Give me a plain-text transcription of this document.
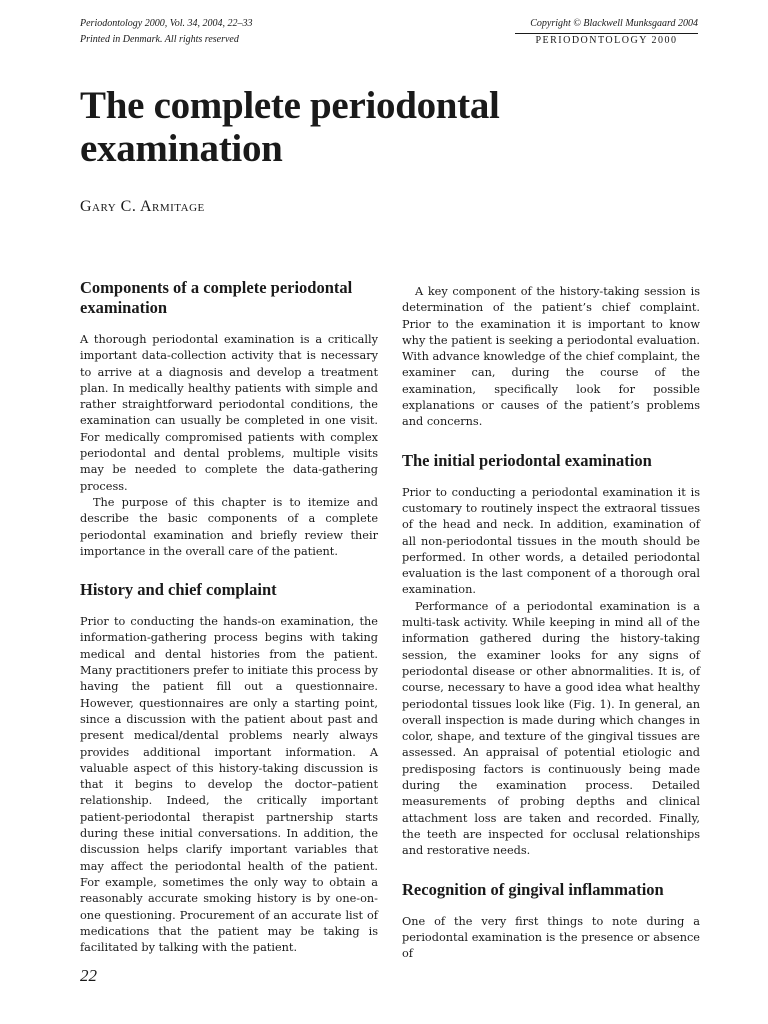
Periodontology 2000, Vol. 34, 2004, 22–33
Printed in Denmark. All rights reserved
Copyright © Blackwell Munksgaard 2004
PERIODONTOLOGY 2000
The complete periodontal examination

Gary C. Armitage

Components of a complete periodontal examination

A thorough periodontal examination is a critically important data-collection activity that is necessary to arrive at a diagnosis and develop a treatment plan. In medically healthy patients with simple and rather straightforward periodontal conditions, the examination can usually be completed in one visit. For medically compromised patients with complex periodontal and dental problems, multiple visits may be needed to complete the data-gathering process.

The purpose of this chapter is to itemize and describe the basic components of a complete periodontal examination and briefly review their importance in the overall care of the patient.

History and chief complaint

Prior to conducting the hands-on examination, the information-gathering process begins with taking medical and dental histories from the patient. Many practitioners prefer to initiate this process by having the patient fill out a questionnaire. However, questionnaires are only a starting point, since a discussion with the patient about past and present medical/dental problems nearly always provides additional important information. A valuable aspect of this history-taking discussion is that it begins to develop the doctor–patient relationship. Indeed, the critically important patient-periodontal therapist partnership starts during these initial conversations. In addition, the discussion helps clarify important variables that may affect the periodontal health of the patient. For example, sometimes the only way to obtain a reasonably accurate smoking history is by one-on-one questioning. Procurement of an accurate list of medications that the patient may be taking is facilitated by talking with the patient.

A key component of the history-taking session is determination of the patient’s chief complaint. Prior to the examination it is important to know why the patient is seeking a periodontal evaluation. With advance knowledge of the chief complaint, the examiner can, during the course of the examination, specifically look for possible explanations or causes of the patient’s problems and concerns.

The initial periodontal examination

Prior to conducting a periodontal examination it is customary to routinely inspect the extraoral tissues of the head and neck. In addition, examination of all non-periodontal tissues in the mouth should be performed. In other words, a detailed periodontal evaluation is the last component of a thorough oral examination.

Performance of a periodontal examination is a multi-task activity. While keeping in mind all of the information gathered during the history-taking session, the examiner looks for any signs of periodontal disease or other abnormalities. It is, of course, necessary to have a good idea what healthy periodontal tissues look like (Fig. 1). In general, an overall inspection is made during which changes in color, shape, and texture of the gingival tissues are assessed. An appraisal of potential etiologic and predisposing factors is continuously being made during the examination process. Detailed measurements of probing depths and clinical attachment loss are taken and recorded. Finally, the teeth are inspected for occlusal relationships and restorative needs.

Recognition of gingival inflammation

One of the very first things to note during a periodontal examination is the presence or absence of

22
